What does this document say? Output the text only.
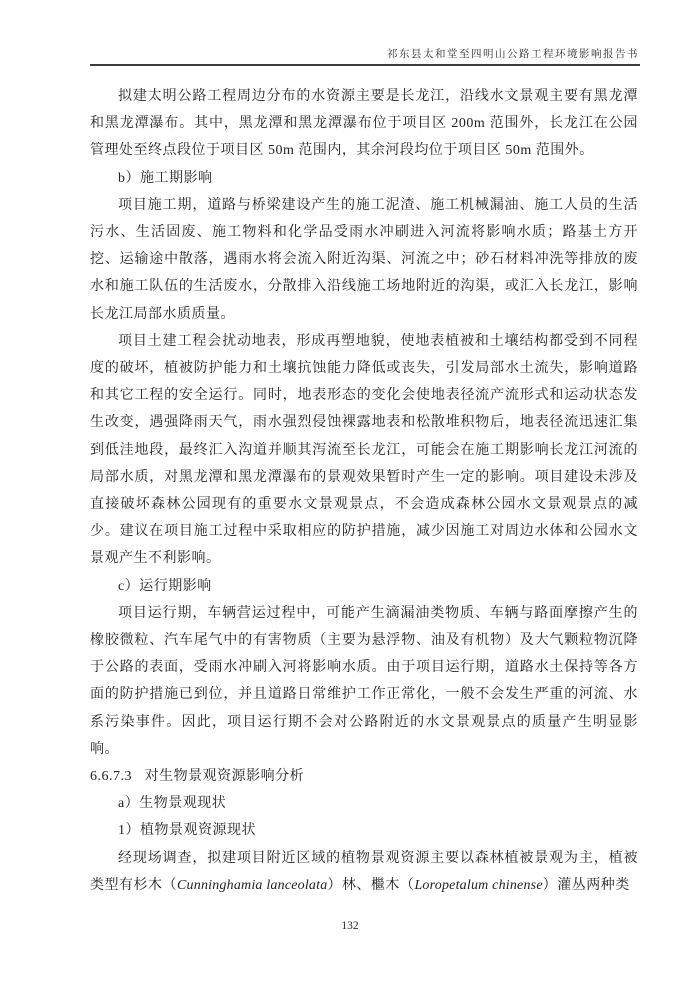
祁东县太和堂至四明山公路工程环境影响报告书

拟建太明公路工程周边分布的水资源主要是长龙江，沿线水文景观主要有黑龙潭和黑龙潭瀑布。其中，黑龙潭和黑龙潭瀑布位于项目区 200m 范围外，长龙江在公园管理处至终点段位于项目区 50m 范围内，其余河段均位于项目区 50m 范围外。

b）施工期影响

项目施工期，道路与桥梁建设产生的施工泥渣、施工机械漏油、施工人员的生活污水、生活固废、施工物料和化学品受雨水冲刷进入河流将影响水质；路基土方开挖、运输途中散落，遇雨水将会流入附近沟渠、河流之中；砂石材料冲洗等排放的废水和施工队伍的生活废水，分散排入沿线施工场地附近的沟渠，或汇入长龙江，影响长龙江局部水质质量。

项目土建工程会扰动地表，形成再塑地貌，使地表植被和土壤结构都受到不同程度的破坏，植被防护能力和土壤抗蚀能力降低或丧失，引发局部水土流失，影响道路和其它工程的安全运行。同时，地表形态的变化会使地表径流产流形式和运动状态发生改变，遇强降雨天气，雨水强烈侵蚀裸露地表和松散堆积物后，地表径流迅速汇集到低洼地段，最终汇入沟道并顺其泻流至长龙江，可能会在施工期影响长龙江河流的局部水质，对黑龙潭和黑龙潭瀑布的景观效果暂时产生一定的影响。项目建设未涉及直接破坏森林公园现有的重要水文景观景点，不会造成森林公园水文景观景点的减少。建议在项目施工过程中采取相应的防护措施，减少因施工对周边水体和公园水文景观产生不利影响。

c）运行期影响

项目运行期，车辆营运过程中，可能产生滴漏油类物质、车辆与路面摩擦产生的橡胶微粒、汽车尾气中的有害物质（主要为悬浮物、油及有机物）及大气颗粒物沉降于公路的表面，受雨水冲刷入河将影响水质。由于项目运行期，道路水土保持等各方面的防护措施已到位，并且道路日常维护工作正常化，一般不会发生严重的河流、水系污染事件。因此，项目运行期不会对公路附近的水文景观景点的质量产生明显影响。

6.6.7.3 对生物景观资源影响分析

a）生物景观现状

1）植物景观资源现状

经现场调查，拟建项目附近区域的植物景观资源主要以森林植被景观为主，植被类型有杉木（Cunninghamia lanceolata）林、檵木（Loropetalum chinense）灌丛两种类

132
